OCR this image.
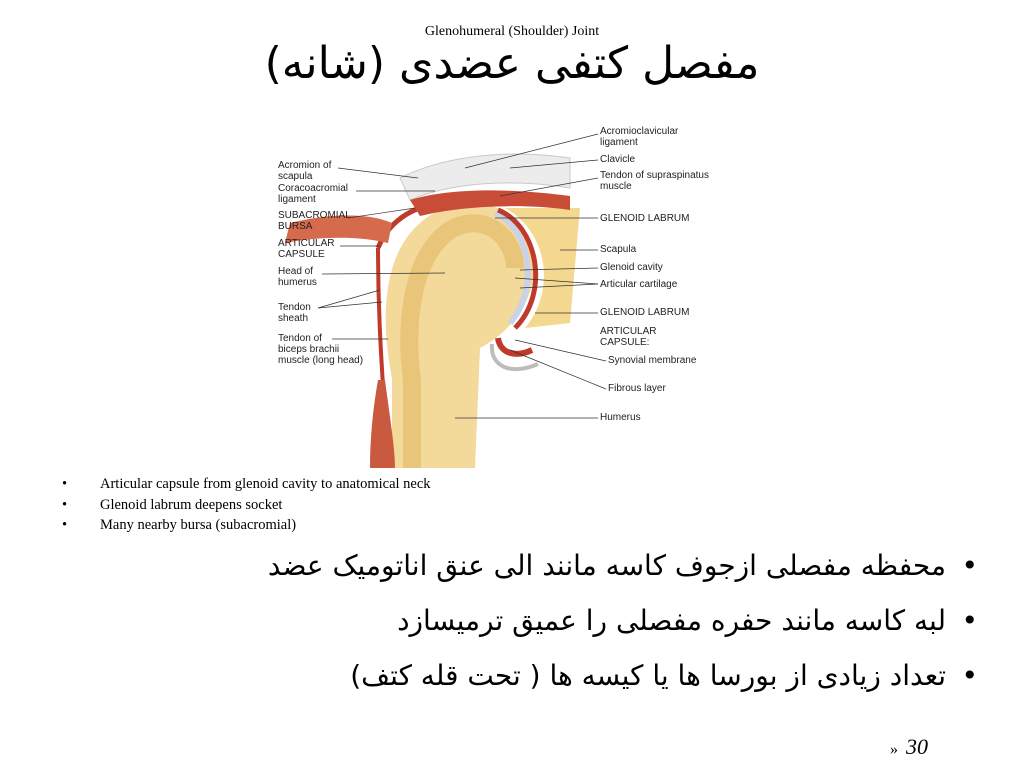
Glenohumeral (Shoulder) Joint
مفصل کتفی عضدی (شانه)
Acromion of
scapula
Coracoacromial
ligament
SUBACROMIAL
BURSA
ARTICULAR
CAPSULE
Head of
humerus
Tendon
sheath
Tendon of
biceps brachii
muscle (long head)
Acromioclavicular
ligament
Clavicle
Tendon of supraspinatus
muscle
GLENOID LABRUM
Scapula
Glenoid cavity
Articular cartilage
GLENOID LABRUM
ARTICULAR
CAPSULE:
Synovial membrane
Fibrous layer
Humerus
• Articular capsule from glenoid cavity to anatomical neck
• Glenoid labrum deepens socket
• Many nearby bursa (subacromial)
• محفظه مفصلی ازجوف کاسه مانند الی عنق اناتومیک عضد
• لبه کاسه مانند حفره مفصلی را عمیق ترمیسازد
• تعداد زیادی از بورسا ها یا کیسه ها ( تحت قله کتف)
» 30
